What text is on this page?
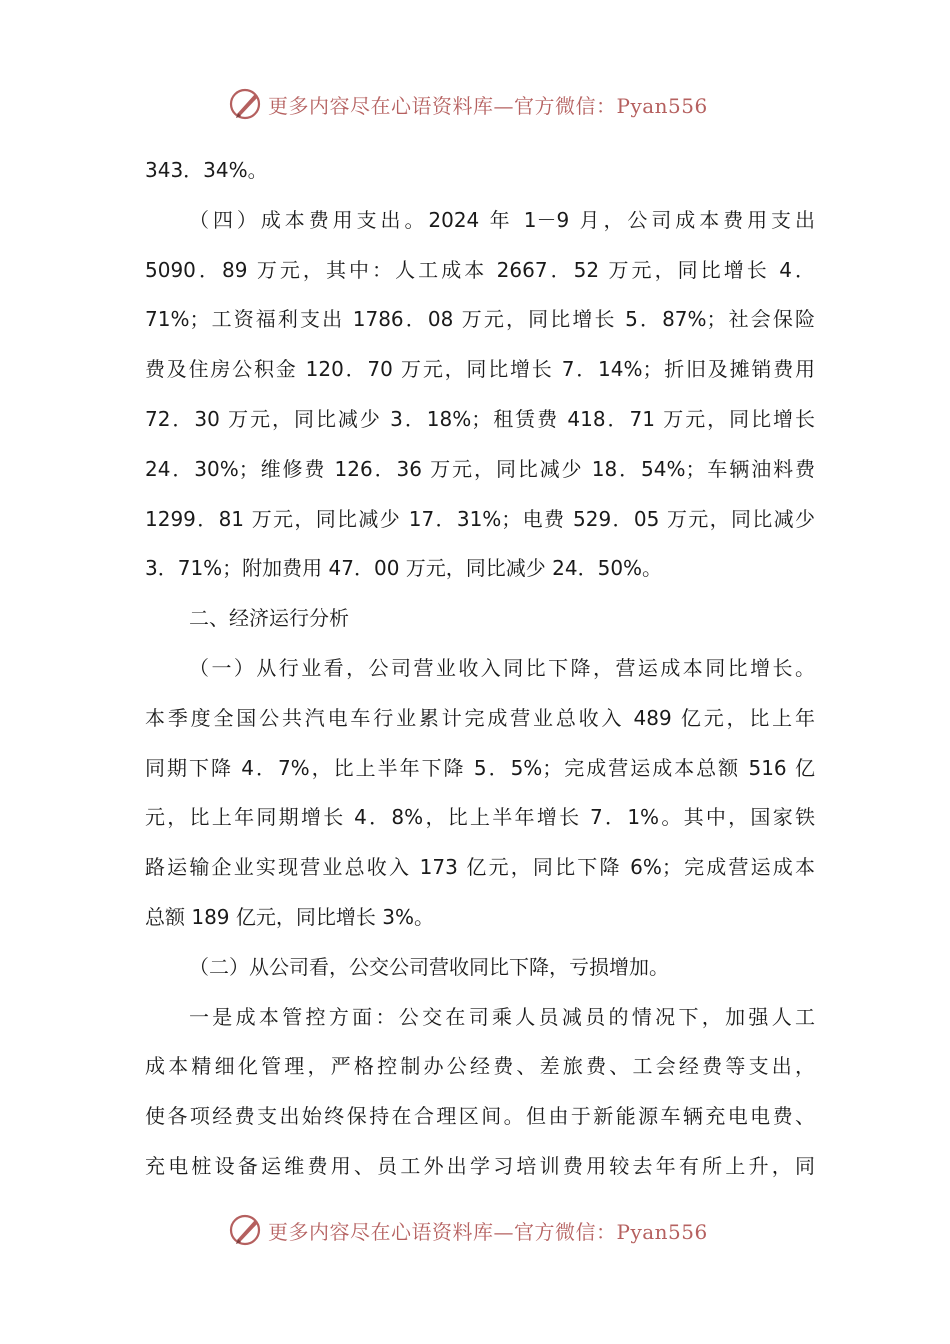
更多内容尽在心语资料库—官方微信：Pyan556
343．34%。
（四）成本费用支出。2024 年 1－9 月，公司成本费用支出
5090．89 万元，其中：人工成本 2667．52 万元，同比增长 4．
71%；工资福利支出 1786．08 万元，同比增长 5．87%；社会保险
费及住房公积金 120．70 万元，同比增长 7．14%；折旧及摊销费用
72．30 万元，同比减少 3．18%；租赁费 418．71 万元，同比增长
24．30%；维修费 126．36 万元，同比减少 18．54%；车辆油料费
1299．81 万元，同比减少 17．31%；电费 529．05 万元，同比减少
3．71%；附加费用 47．00 万元，同比减少 24．50%。
二、经济运行分析
（一）从行业看，公司营业收入同比下降，营运成本同比增长。
本季度全国公共汽电车行业累计完成营业总收入 489 亿元，比上年
同期下降 4．7%，比上半年下降 5．5%；完成营运成本总额 516 亿
元，比上年同期增长 4．8%，比上半年增长 7．1%。其中，国家铁
路运输企业实现营业总收入 173 亿元，同比下降 6%；完成营运成本
总额 189 亿元，同比增长 3%。
（二）从公司看，公交公司营收同比下降，亏损增加。
一是成本管控方面：公交在司乘人员减员的情况下，加强人工
成本精细化管理，严格控制办公经费、差旅费、工会经费等支出，
使各项经费支出始终保持在合理区间。但由于新能源车辆充电电费、
充电桩设备运维费用、员工外出学习培训费用较去年有所上升，同
更多内容尽在心语资料库—官方微信：Pyan556
